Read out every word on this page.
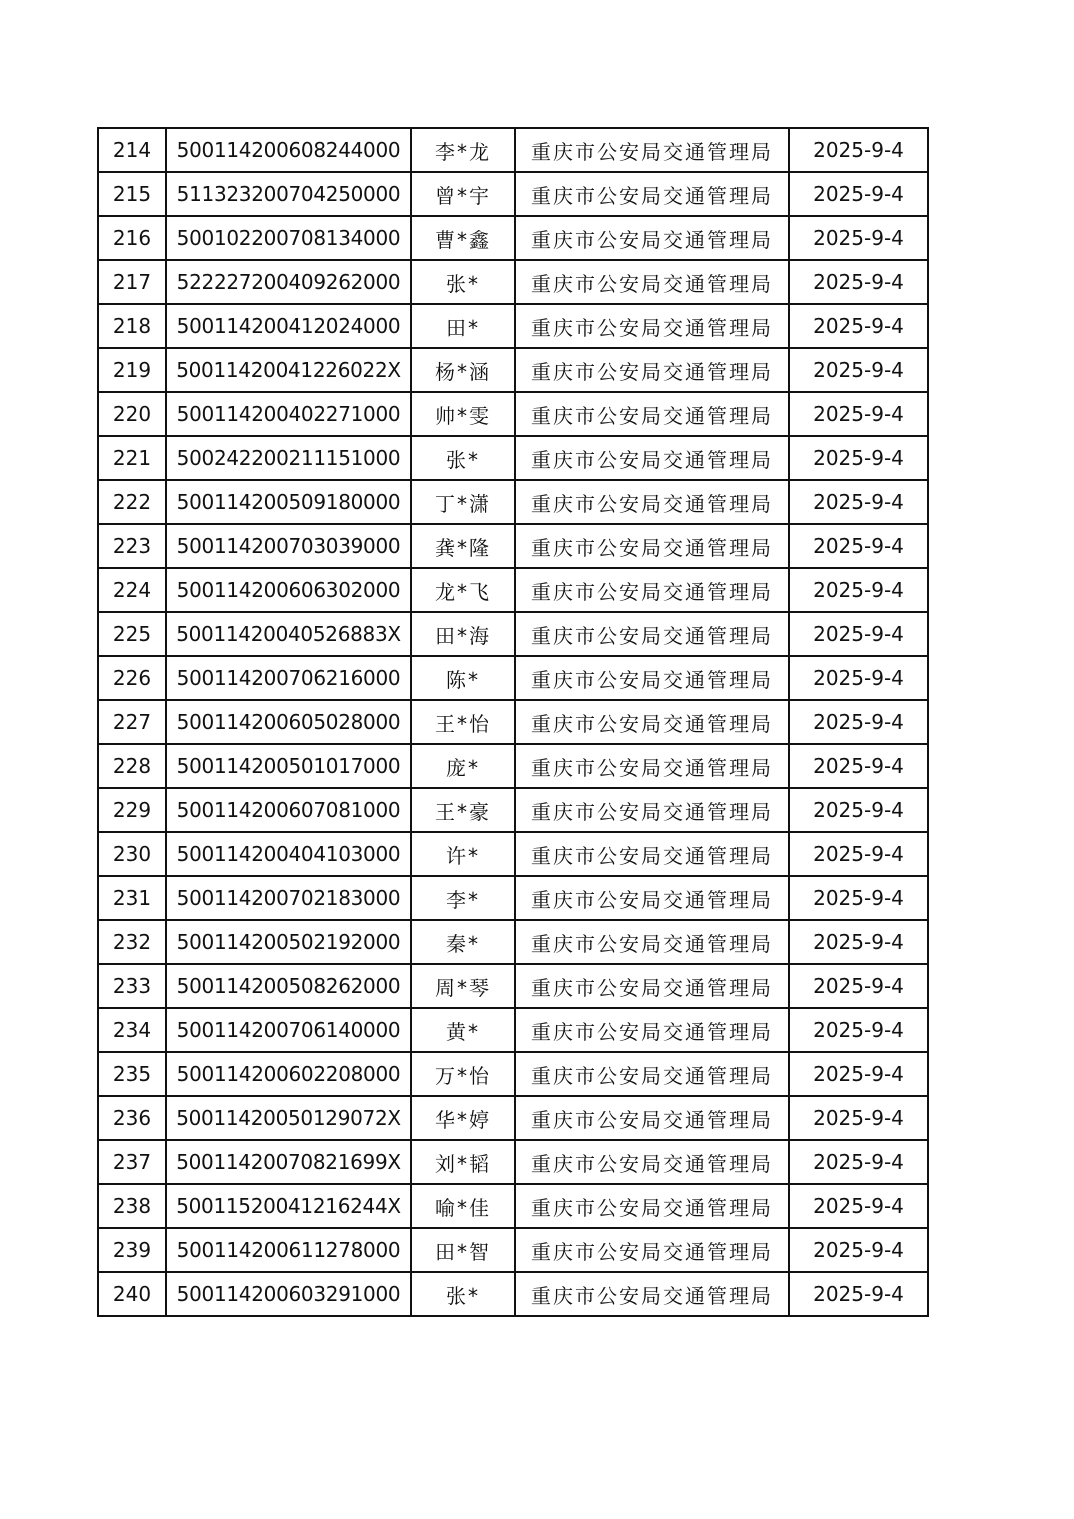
214	500114200608244000	李*龙	重庆市公安局交通管理局	2025-9-4
215	511323200704250000	曾*宇	重庆市公安局交通管理局	2025-9-4
216	500102200708134000	曹*鑫	重庆市公安局交通管理局	2025-9-4
217	522227200409262000	张*	重庆市公安局交通管理局	2025-9-4
218	500114200412024000	田*	重庆市公安局交通管理局	2025-9-4
219	50011420041226022X	杨*涵	重庆市公安局交通管理局	2025-9-4
220	500114200402271000	帅*雯	重庆市公安局交通管理局	2025-9-4
221	500242200211151000	张*	重庆市公安局交通管理局	2025-9-4
222	500114200509180000	丁*潇	重庆市公安局交通管理局	2025-9-4
223	500114200703039000	龚*隆	重庆市公安局交通管理局	2025-9-4
224	500114200606302000	龙*飞	重庆市公安局交通管理局	2025-9-4
225	50011420040526883X	田*海	重庆市公安局交通管理局	2025-9-4
226	500114200706216000	陈*	重庆市公安局交通管理局	2025-9-4
227	500114200605028000	王*怡	重庆市公安局交通管理局	2025-9-4
228	500114200501017000	庞*	重庆市公安局交通管理局	2025-9-4
229	500114200607081000	王*豪	重庆市公安局交通管理局	2025-9-4
230	500114200404103000	许*	重庆市公安局交通管理局	2025-9-4
231	500114200702183000	李*	重庆市公安局交通管理局	2025-9-4
232	500114200502192000	秦*	重庆市公安局交通管理局	2025-9-4
233	500114200508262000	周*琴	重庆市公安局交通管理局	2025-9-4
234	500114200706140000	黄*	重庆市公安局交通管理局	2025-9-4
235	500114200602208000	万*怡	重庆市公安局交通管理局	2025-9-4
236	50011420050129072X	华*婷	重庆市公安局交通管理局	2025-9-4
237	50011420070821699X	刘*韬	重庆市公安局交通管理局	2025-9-4
238	50011520041216244X	喻*佳	重庆市公安局交通管理局	2025-9-4
239	500114200611278000	田*智	重庆市公安局交通管理局	2025-9-4
240	500114200603291000	张*	重庆市公安局交通管理局	2025-9-4
